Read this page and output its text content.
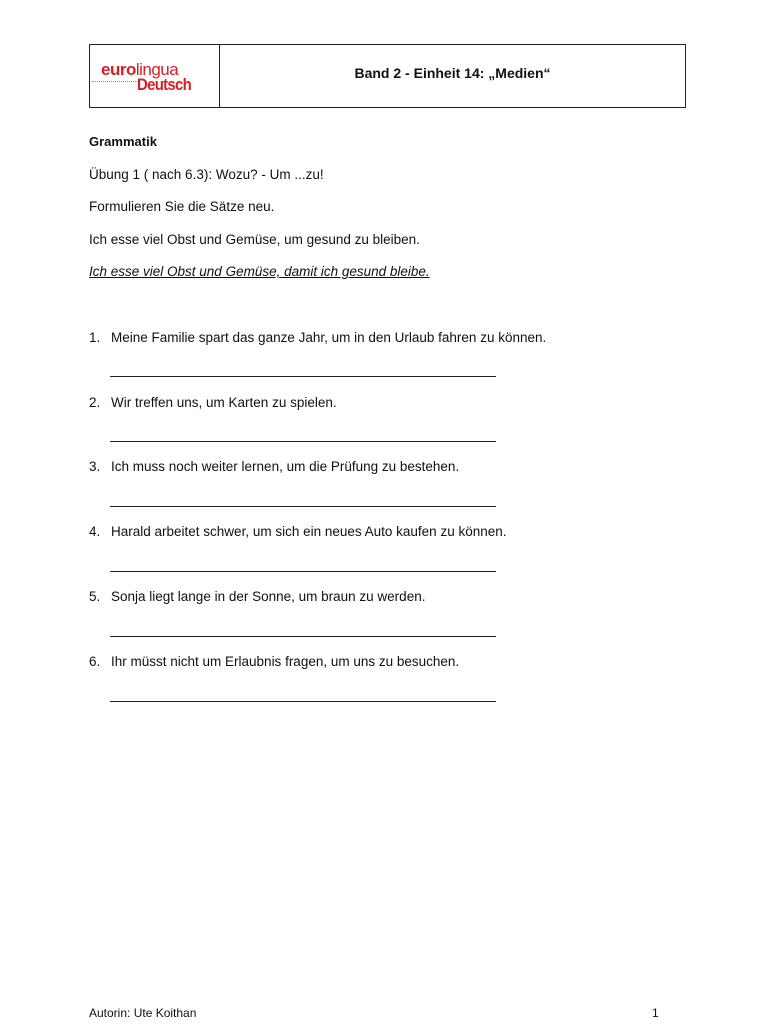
eurolingua
Deutsch
Band 2 - Einheit 14: „Medien“
Grammatik
Übung 1 ( nach 6.3): Wozu? - Um ...zu!
Formulieren Sie die Sätze neu.
Ich esse viel Obst und Gemüse, um gesund zu bleiben.
Ich esse viel Obst und Gemüse, damit ich gesund bleibe.
1. Meine Familie spart das ganze Jahr, um in den Urlaub fahren zu können.
2. Wir treffen uns, um Karten zu spielen.
3. Ich muss noch weiter lernen, um die Prüfung zu bestehen.
4. Harald arbeitet schwer, um sich ein neues Auto kaufen zu können.
5. Sonja liegt lange in der Sonne, um braun zu werden.
6. Ihr müsst nicht um Erlaubnis fragen, um uns zu besuchen.
Autorin: Ute Koithan	1
